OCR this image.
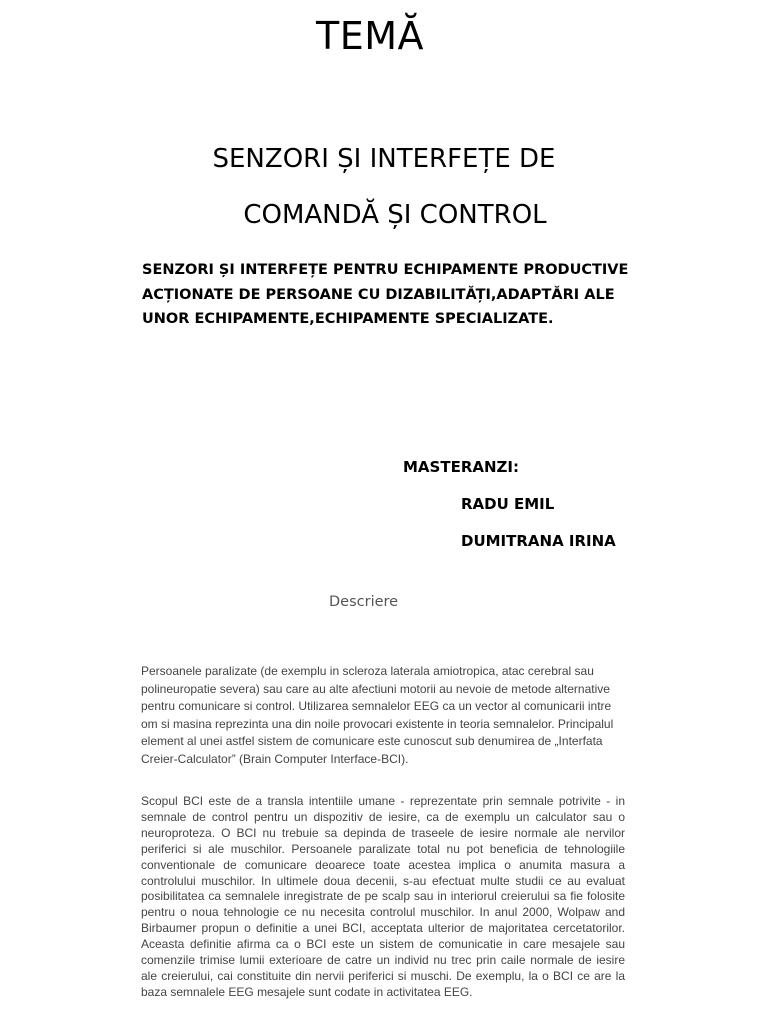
TEMĂ
SENZORI ȘI INTERFEȚE DE
COMANDĂ ȘI CONTROL

SENZORI ȘI INTERFEȚE PENTRU ECHIPAMENTE PRODUCTIVE ACȚIONATE DE PERSOANE CU DIZABILITĂȚI,ADAPTĂRI ALE UNOR ECHIPAMENTE,ECHIPAMENTE SPECIALIZATE.

MASTERANZI:
RADU EMIL
DUMITRANA IRINA
Descriere

Persoanele paralizate (de exemplu in scleroza laterala amiotropica, atac cerebral sau polineuropatie severa) sau care au alte afectiuni motorii au nevoie de metode alternative pentru comunicare si control. Utilizarea semnalelor EEG ca un vector al comunicarii intre om si masina reprezinta una din noile provocari existente in teoria semnalelor. Principalul element al unei astfel sistem de comunicare este cunoscut sub denumirea de „Interfata Creier-Calculator” (Brain Computer Interface-BCI).

Scopul BCI este de a transla intentiile umane - reprezentate prin semnale potrivite - in semnale de control pentru un dispozitiv de iesire, ca de exemplu un calculator sau o neuroproteza. O BCI nu trebuie sa depinda de traseele de iesire normale ale nervilor periferici si ale muschilor. Persoanele paralizate total nu pot beneficia de tehnologiile conventionale de comunicare deoarece toate acestea implica o anumita masura a controlului muschilor. In ultimele doua decenii, s-au efectuat multe studii ce au evaluat posibilitatea ca semnalele inregistrate de pe scalp sau in interiorul creierului sa fie folosite pentru o noua tehnologie ce nu necesita controlul muschilor. In anul 2000, Wolpaw and Birbaumer propun o definitie a unei BCI, acceptata ulterior de majoritatea cercetatorilor. Aceasta definitie afirma ca o BCI este un sistem de comunicatie in care mesajele sau comenzile trimise lumii exterioare de catre un individ nu trec prin caile normale de iesire ale creierului, cai constituite din nervii periferici si muschi. De exemplu, la o BCI ce are la baza semnalele EEG mesajele sunt codate in activitatea EEG.
